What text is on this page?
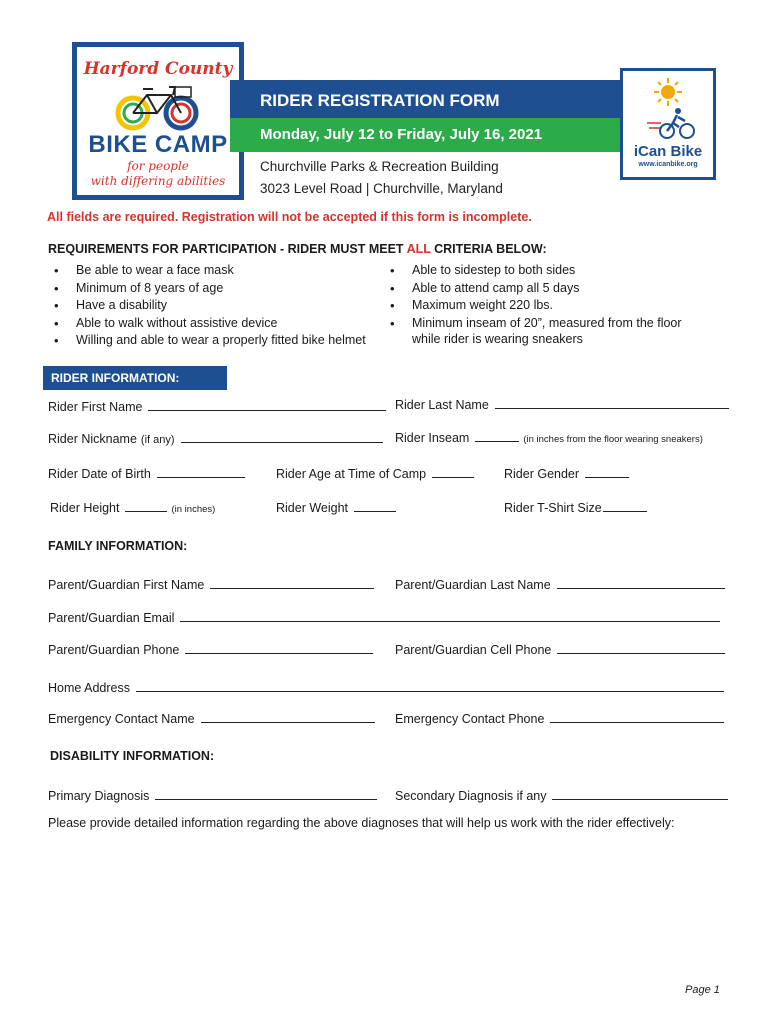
Harford County
BIKE CAMP
for people
with differing abilities
RIDER REGISTRATION FORM
Monday, July 12 to Friday, July 16, 2021
Churchville Parks & Recreation Building
3023 Level Road | Churchville, Maryland
iCan Bike
www.icanbike.org
All fields are required. Registration will not be accepted if this form is incomplete.
REQUIREMENTS FOR PARTICIPATION - RIDER MUST MEET ALL CRITERIA BELOW:
• Be able to wear a face mask
• Minimum of 8 years of age
• Have a disability
• Able to walk without assistive device
• Willing and able to wear a properly fitted bike helmet
• Able to sidestep to both sides
• Able to attend camp all 5 days
• Maximum weight 220 lbs.
• Minimum inseam of 20”, measured from the floor
while rider is wearing sneakers
RIDER INFORMATION:
Rider First Name	Rider Last Name
Rider Nickname (if any)	Rider Inseam	(in inches from the floor wearing sneakers)
Rider Date of Birth	Rider Age at Time of Camp	Rider Gender
Rider Height	(in inches)	Rider Weight	Rider T-Shirt Size
FAMILY INFORMATION:
Parent/Guardian First Name	Parent/Guardian Last Name
Parent/Guardian Email
Parent/Guardian Phone	Parent/Guardian Cell Phone
Home Address
Emergency Contact Name	Emergency Contact Phone
DISABILITY INFORMATION:
Primary Diagnosis	Secondary Diagnosis if any
Please provide detailed information regarding the above diagnoses that will help us work with the rider effectively:
Page 1
